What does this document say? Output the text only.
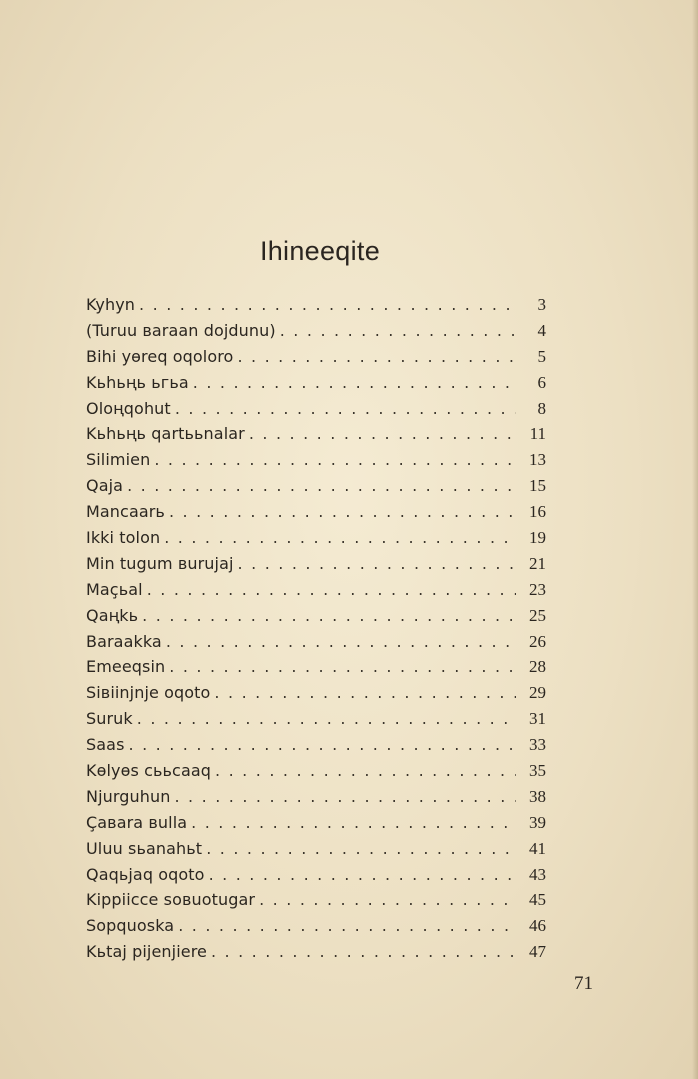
Ihineeqite
Kyhyn . . .	3
(Turuu вaraan dojdunu) . . .	4
Bihi yөreq oqoloro . . .	5
Kьhьңь ьгьa . . .	6
Oloңqohut . . .	8
Kьhьңь qartььnalar . . .	11
Silimien . . .	13
Qaja . . .	15
Mancaarь . . .	16
Ikki tolon . . .	19
Min tugum вurujaj . . .	21
Maçьal . . .	23
Qaңkь . . .	25
Baraakka . . .	26
Emeeqsin . . .	28
Siвiinjnje oqoto . . .	29
Suruk . . .	31
Saas . . .	33
Kөlyөs сььcaaq . . .	35
Njurguhun . . .	38
Çaвara вulla . . .	39
Uluu sьanahьt . . .	41
Qaqьjaq oqoto . . .	43
Kippiicce soвuotugar . . .	45
Sopquoska . . .	46
Kьtaj pijenjiere . . .	47
71
